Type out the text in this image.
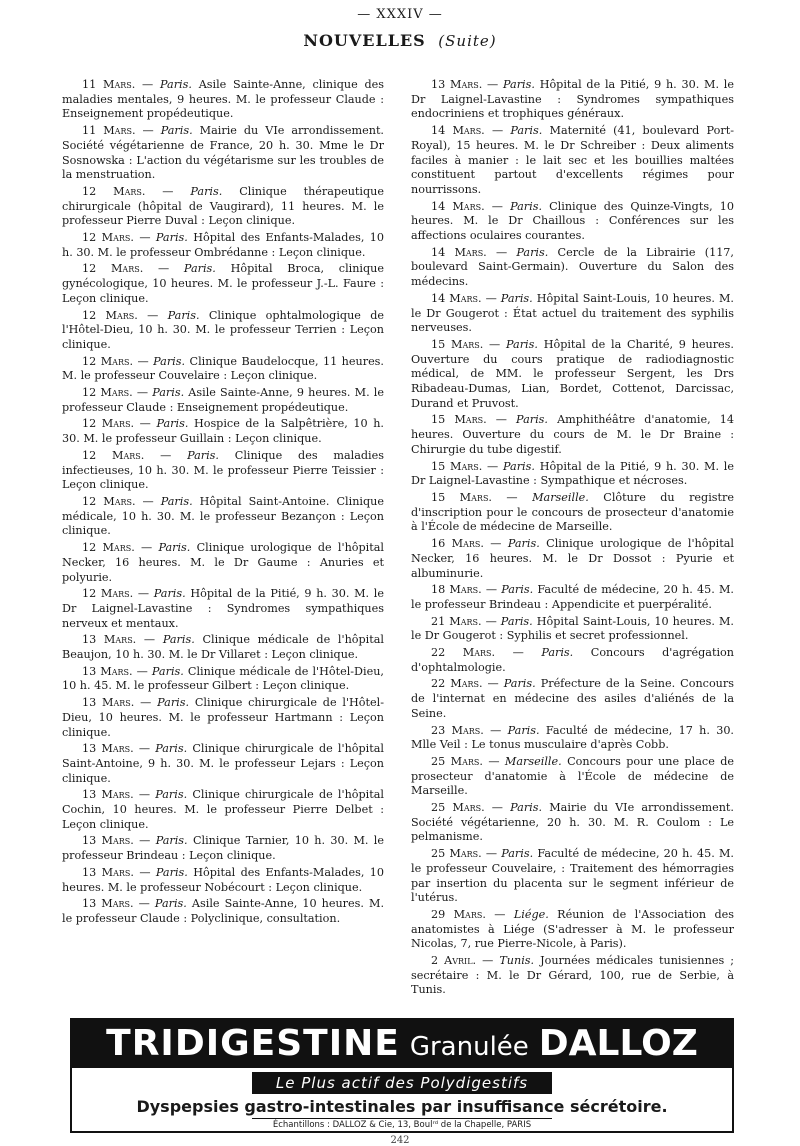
— XXXIV —
NOUVELLES (Suite)

11 Mars. — Paris. Asile Sainte-Anne, clinique des maladies mentales, 9 heures. M. le professeur Claude : Enseignement propédeutique.

11 Mars. — Paris. Mairie du VIe arrondissement. Société végétarienne de France, 20 h. 30. Mme le Dr Sosnowska : L'action du végétarisme sur les troubles de la menstruation.

12 Mars. — Paris. Clinique thérapeutique chirurgicale (hôpital de Vaugirard), 11 heures. M. le professeur Pierre Duval : Leçon clinique.

12 Mars. — Paris. Hôpital des Enfants-Malades, 10 h. 30. M. le professeur Ombrédanne : Leçon clinique.

12 Mars. — Paris. Hôpital Broca, clinique gynécologique, 10 heures. M. le professeur J.-L. Faure : Leçon clinique.

12 Mars. — Paris. Clinique ophtalmologique de l'Hôtel-Dieu, 10 h. 30. M. le professeur Terrien : Leçon clinique.

12 Mars. — Paris. Clinique Baudelocque, 11 heures. M. le professeur Couvelaire : Leçon clinique.

12 Mars. — Paris. Asile Sainte-Anne, 9 heures. M. le professeur Claude : Enseignement propédeutique.

12 Mars. — Paris. Hospice de la Salpêtrière, 10 h. 30. M. le professeur Guillain : Leçon clinique.

12 Mars. — Paris. Clinique des maladies infectieuses, 10 h. 30. M. le professeur Pierre Teissier : Leçon clinique.

12 Mars. — Paris. Hôpital Saint-Antoine. Clinique médicale, 10 h. 30. M. le professeur Bezançon : Leçon clinique.

12 Mars. — Paris. Clinique urologique de l'hôpital Necker, 16 heures. M. le Dr Gaume : Anuries et polyurie.

12 Mars. — Paris. Hôpital de la Pitié, 9 h. 30. M. le Dr Laignel-Lavastine : Syndromes sympathiques nerveux et mentaux.

13 Mars. — Paris. Clinique médicale de l'hôpital Beaujon, 10 h. 30. M. le Dr Villaret : Leçon clinique.

13 Mars. — Paris. Clinique médicale de l'Hôtel-Dieu, 10 h. 45. M. le professeur Gilbert : Leçon clinique.

13 Mars. — Paris. Clinique chirurgicale de l'Hôtel-Dieu, 10 heures. M. le professeur Hartmann : Leçon clinique.

13 Mars. — Paris. Clinique chirurgicale de l'hôpital Saint-Antoine, 9 h. 30. M. le professeur Lejars : Leçon clinique.

13 Mars. — Paris. Clinique chirurgicale de l'hôpital Cochin, 10 heures. M. le professeur Pierre Delbet : Leçon clinique.

13 Mars. — Paris. Clinique Tarnier, 10 h. 30. M. le professeur Brindeau : Leçon clinique.

13 Mars. — Paris. Hôpital des Enfants-Malades, 10 heures. M. le professeur Nobécourt : Leçon clinique.

13 Mars. — Paris. Asile Sainte-Anne, 10 heures. M. le professeur Claude : Polyclinique, consultation.

13 Mars. — Paris. Hôpital de la Pitié, 9 h. 30. M. le Dr Laignel-Lavastine : Syndromes sympathiques endocriniens et trophiques généraux.

14 Mars. — Paris. Maternité (41, boulevard Port-Royal), 15 heures. M. le Dr Schreiber : Deux aliments faciles à manier : le lait sec et les bouillies maltées constituent partout d'excellents régimes pour nourrissons.

14 Mars. — Paris. Clinique des Quinze-Vingts, 10 heures. M. le Dr Chaillous : Conférences sur les affections oculaires courantes.

14 Mars. — Paris. Cercle de la Librairie (117, boulevard Saint-Germain). Ouverture du Salon des médecins.

14 Mars. — Paris. Hôpital Saint-Louis, 10 heures. M. le Dr Gougerot : État actuel du traitement des syphilis nerveuses.

15 Mars. — Paris. Hôpital de la Charité, 9 heures. Ouverture du cours pratique de radiodiagnostic médical, de MM. le professeur Sergent, les Drs Ribadeau-Dumas, Lian, Bordet, Cottenot, Darcissac, Durand et Pruvost.

15 Mars. — Paris. Amphithéâtre d'anatomie, 14 heures. Ouverture du cours de M. le Dr Braine : Chirurgie du tube digestif.

15 Mars. — Paris. Hôpital de la Pitié, 9 h. 30. M. le Dr Laignel-Lavastine : Sympathique et nécroses.

15 Mars. — Marseille. Clôture du registre d'inscription pour le concours de prosecteur d'anatomie à l'École de médecine de Marseille.

16 Mars. — Paris. Clinique urologique de l'hôpital Necker, 16 heures. M. le Dr Dossot : Pyurie et albuminurie.

18 Mars. — Paris. Faculté de médecine, 20 h. 45. M. le professeur Brindeau : Appendicite et puerpéralité.

21 Mars. — Paris. Hôpital Saint-Louis, 10 heures. M. le Dr Gougerot : Syphilis et secret professionnel.

22 Mars. — Paris. Concours d'agrégation d'ophtalmologie.

22 Mars. — Paris. Préfecture de la Seine. Concours de l'internat en médecine des asiles d'aliénés de la Seine.

23 Mars. — Paris. Faculté de médecine, 17 h. 30. Mlle Veil : Le tonus musculaire d'après Cobb.

25 Mars. — Marseille. Concours pour une place de prosecteur d'anatomie à l'École de médecine de Marseille.

25 Mars. — Paris. Mairie du VIe arrondissement. Société végétarienne, 20 h. 30. M. R. Coulom : Le pelmanisme.

25 Mars. — Paris. Faculté de médecine, 20 h. 45. M. le professeur Couvelaire, : Traitement des hémorragies par insertion du placenta sur le segment inférieur de l'utérus.

29 Mars. — Liége. Réunion de l'Association des anatomistes à Liége (S'adresser à M. le professeur Nicolas, 7, rue Pierre-Nicole, à Paris).

2 Avril. — Tunis. Journées médicales tunisiennes ; secrétaire : M. le Dr Gérard, 100, rue de Serbie, à Tunis.

TRIDIGESTINE Granulée DALLOZ
Le Plus actif des Polydigestifs
Dyspepsies gastro-intestinales par insuffisance sécrétoire.
Échantillons : DALLOZ & Cie, 13, Boulʳᵈ de la Chapelle, PARIS
242
